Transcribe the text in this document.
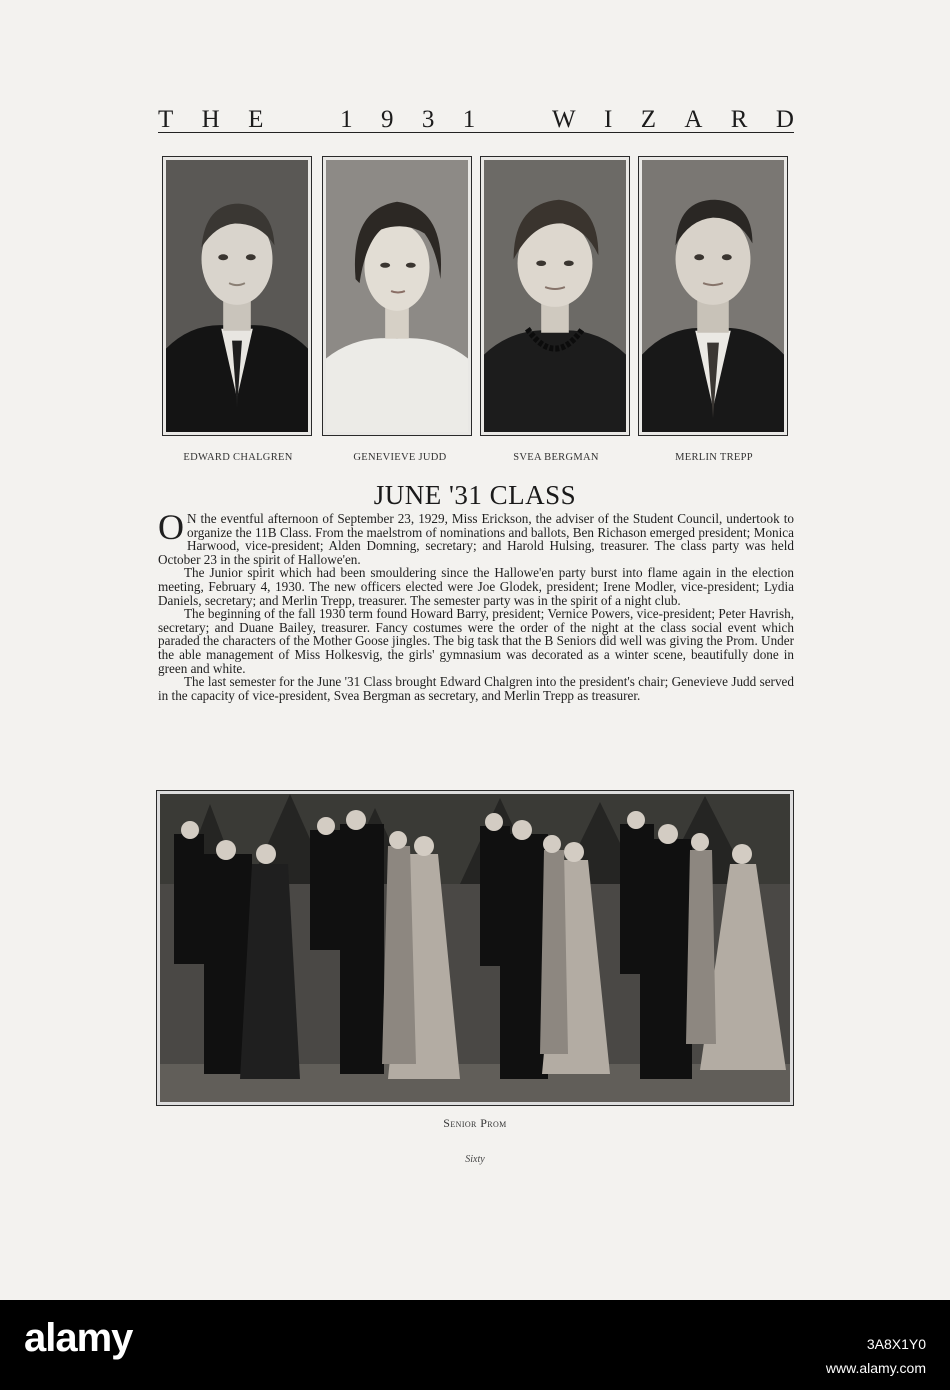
T H E	1 9 3 1	W I Z A R D
EDWARD CHALGREN	GENEVIEVE JUDD	SVEA BERGMAN	MERLIN TREPP
JUNE '31 CLASS

O N the eventful afternoon of September 23, 1929, Miss Erickson, the adviser of the Student Council, undertook to organize the 11B Class. From the maelstrom of nominations and ballots, Ben Richason emerged president; Monica Harwood, vice-president; Alden Domning, secretary; and Harold Hulsing, treasurer. The class party was held October 23 in the spirit of Hallowe'en.

The Junior spirit which had been smouldering since the Hallowe'en party burst into flame again in the election meeting, February 4, 1930. The new officers elected were Joe Glodek, president; Irene Modler, vice-president; Lydia Daniels, secretary; and Merlin Trepp, treasurer. The semester party was in the spirit of a night club.

The beginning of the fall 1930 term found Howard Barry, president; Vernice Powers, vice-president; Peter Havrish, secretary; and Duane Bailey, treasurer. Fancy costumes were the order of the night at the class social event which paraded the characters of the Mother Goose jingles. The big task that the B Seniors did well was giving the Prom. Under the able management of Miss Holkesvig, the girls' gymnasium was decorated as a winter scene, beautifully done in green and white.

The last semester for the June '31 Class brought Edward Chalgren into the president's chair; Genevieve Judd served in the capacity of vice-president, Svea Bergman as secretary, and Merlin Trepp as treasurer.

Senior Prom
Sixty
alamy	3A8X1Y0
www.alamy.com
